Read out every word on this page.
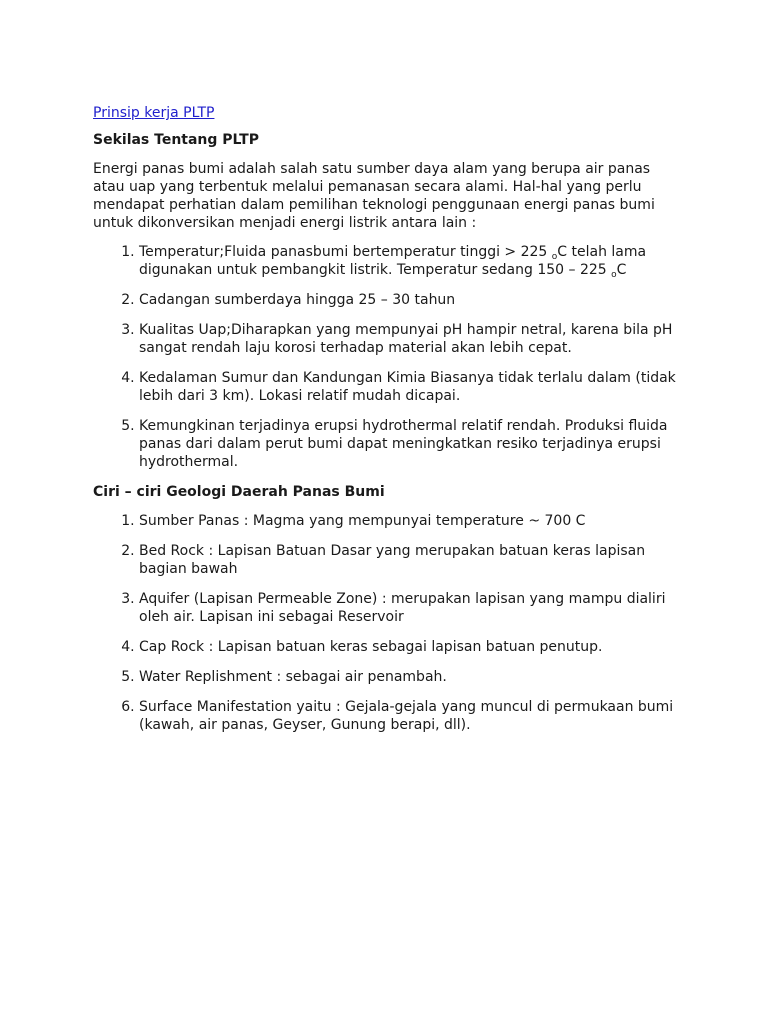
Prinsip kerja PLTP
Sekilas Tentang PLTP
Energi panas bumi adalah salah satu sumber daya alam yang berupa air panas atau uap yang terbentuk melalui pemanasan secara alami. Hal-hal yang perlu mendapat perhatian dalam pemilihan teknologi penggunaan energi panas bumi untuk dikonversikan menjadi energi listrik antara lain :
1. Temperatur;Fluida panasbumi bertemperatur tinggi > 225 $_o$C telah lama digunakan untuk pembangkit listrik. Temperatur sedang 150 – 225 $_o$C
2. Cadangan sumberdaya hingga 25 – 30 tahun
3. Kualitas Uap;Diharapkan yang mempunyai pH hampir netral, karena bila pH sangat rendah laju korosi terhadap material akan lebih cepat.
4. Kedalaman Sumur dan Kandungan Kimia Biasanya tidak terlalu dalam (tidak lebih dari 3 km). Lokasi relatif mudah dicapai.
5. Kemungkinan terjadinya erupsi hydrothermal relatif rendah. Produksi fluida panas dari dalam perut bumi dapat meningkatkan resiko terjadinya erupsi hydrothermal.
Ciri – ciri Geologi Daerah Panas Bumi
1. Sumber Panas : Magma yang mempunyai temperature ~ 700 C
2. Bed Rock : Lapisan Batuan Dasar yang merupakan batuan keras lapisan bagian bawah
3. Aquifer (Lapisan Permeable Zone) : merupakan lapisan yang mampu dialiri oleh air. Lapisan ini sebagai Reservoir
4. Cap Rock : Lapisan batuan keras sebagai lapisan batuan penutup.
5. Water Replishment : sebagai air penambah.
6. Surface Manifestation yaitu : Gejala-gejala yang muncul di permukaan bumi (kawah, air panas, Geyser, Gunung berapi, dll).
